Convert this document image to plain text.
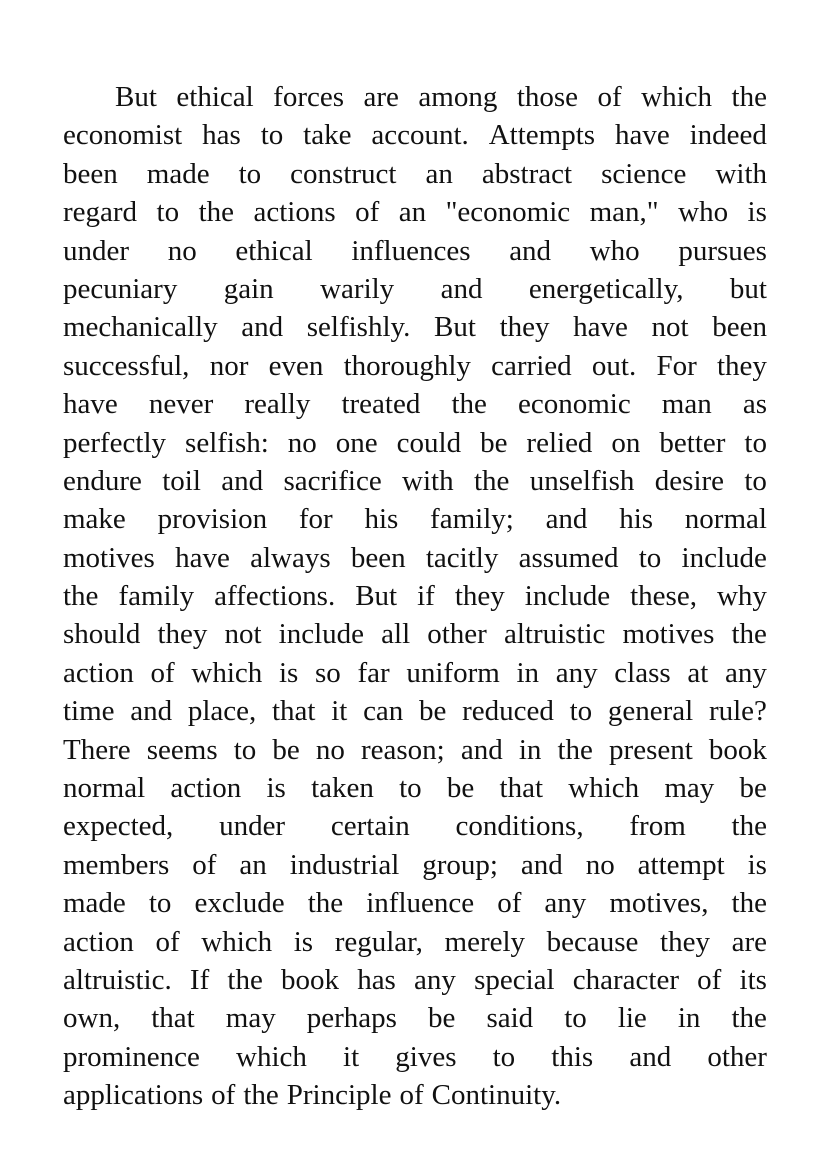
But ethical forces are among those of which the
economist has to take account. Attempts have indeed
been made to construct an abstract science with
regard to the actions of an "economic man," who is
under no ethical influences and who pursues
pecuniary gain warily and energetically, but
mechanically and selfishly. But they have not been
successful, nor even thoroughly carried out. For they
have never really treated the economic man as
perfectly selfish: no one could be relied on better to
endure toil and sacrifice with the unselfish desire to
make provision for his family; and his normal
motives have always been tacitly assumed to include
the family affections. But if they include these, why
should they not include all other altruistic motives the
action of which is so far uniform in any class at any
time and place, that it can be reduced to general rule?
There seems to be no reason; and in the present book
normal action is taken to be that which may be
expected, under certain conditions, from the
members of an industrial group; and no attempt is
made to exclude the influence of any motives, the
action of which is regular, merely because they are
altruistic. If the book has any special character of its
own, that may perhaps be said to lie in the
prominence which it gives to this and other
applications of the Principle of Continuity.
